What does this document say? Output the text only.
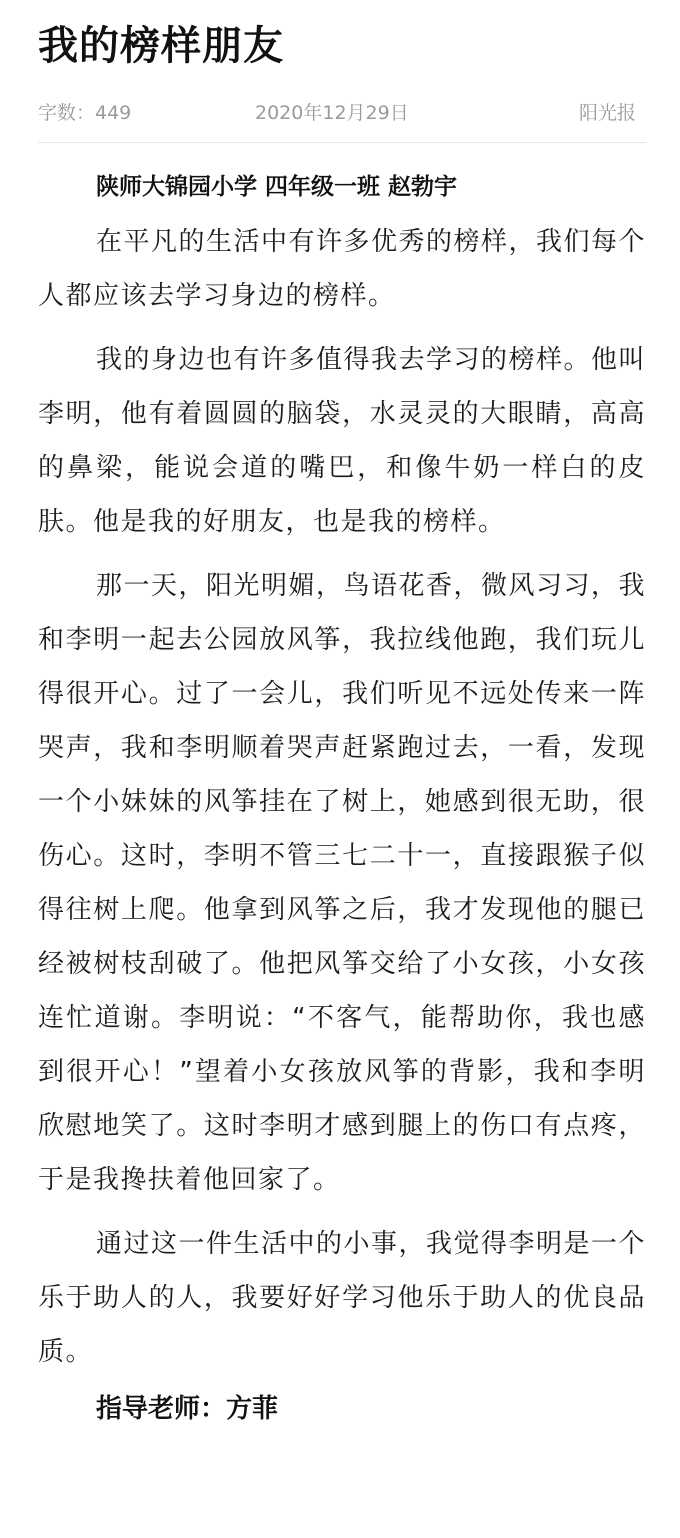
我的榜样朋友
字数：449	2020年12月29日	阳光报
陕师大锦园小学 四年级一班 赵勃宇

在平凡的生活中有许多优秀的榜样，我们每个人都应该去学习身边的榜样。

我的身边也有许多值得我去学习的榜样。他叫李明，他有着圆圆的脑袋，水灵灵的大眼睛，高高的鼻梁，能说会道的嘴巴，和像牛奶一样白的皮肤。他是我的好朋友，也是我的榜样。

那一天，阳光明媚，鸟语花香，微风习习，我和李明一起去公园放风筝，我拉线他跑，我们玩儿得很开心。过了一会儿，我们听见不远处传来一阵哭声，我和李明顺着哭声赶紧跑过去，一看，发现一个小妹妹的风筝挂在了树上，她感到很无助，很伤心。这时，李明不管三七二十一，直接跟猴子似得往树上爬。他拿到风筝之后，我才发现他的腿已经被树枝刮破了。他把风筝交给了小女孩，小女孩连忙道谢。李明说：“不客气，能帮助你，我也感到很开心！”望着小女孩放风筝的背影，我和李明欣慰地笑了。这时李明才感到腿上的伤口有点疼，于是我搀扶着他回家了。

通过这一件生活中的小事，我觉得李明是一个乐于助人的人，我要好好学习他乐于助人的优良品质。

指导老师：方菲
